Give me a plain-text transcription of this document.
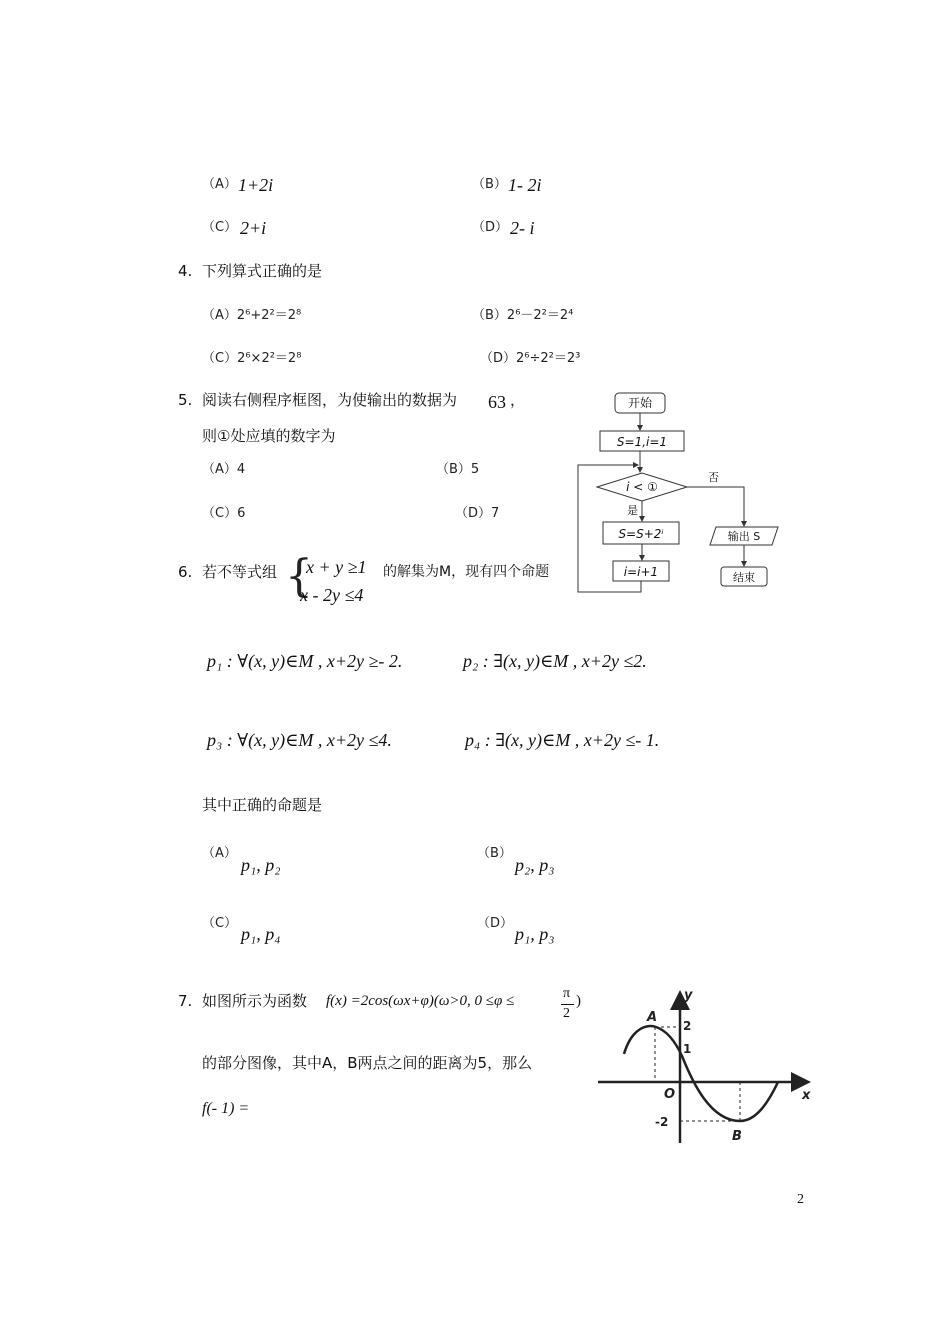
（A） 1+2i	（B） 1- 2i
（C） 2+i	（D） 2- i
4. 下列算式正确的是
（A）2⁶+2²＝2⁸	（B）2⁶－2²＝2⁴
（C）2⁶×2²＝2⁸	（D）2⁶÷2²＝2³
5. 阅读右侧程序框图，为使输出的数据为 63 ，
则①处应填的数字为
（A）4	（B）5
（C）6	（D）7
开始
S=1,i=1
i < ①
是
否
S=S+2ⁱ
i=i+1
输出 S
结束
6. 若不等式组 {
x + y ≥1
x - 2y ≤4
的解集为M，现有四个命题
p₁ : ∀(x, y)∈M , x+2y ≥- 2.	p₂ : ∃(x, y)∈M , x+2y ≤2.
p₃ : ∀(x, y)∈M , x+2y ≤4.	p₄ : ∃(x, y)∈M , x+2y ≤- 1.
其中正确的命题是
（A）
p₁, p₂
（B）
p₂, p₃
（C）
p₁, p₄
（D）
p₁, p₃
7. 如图所示为函数 f(x) =2cos(ωx+φ)(ω>0, 0 ≤φ ≤	π
2
)
的部分图像，其中A，B两点之间的距离为5，那么
f(- 1) =
y
x
O
A
B
2
-2
1
2
